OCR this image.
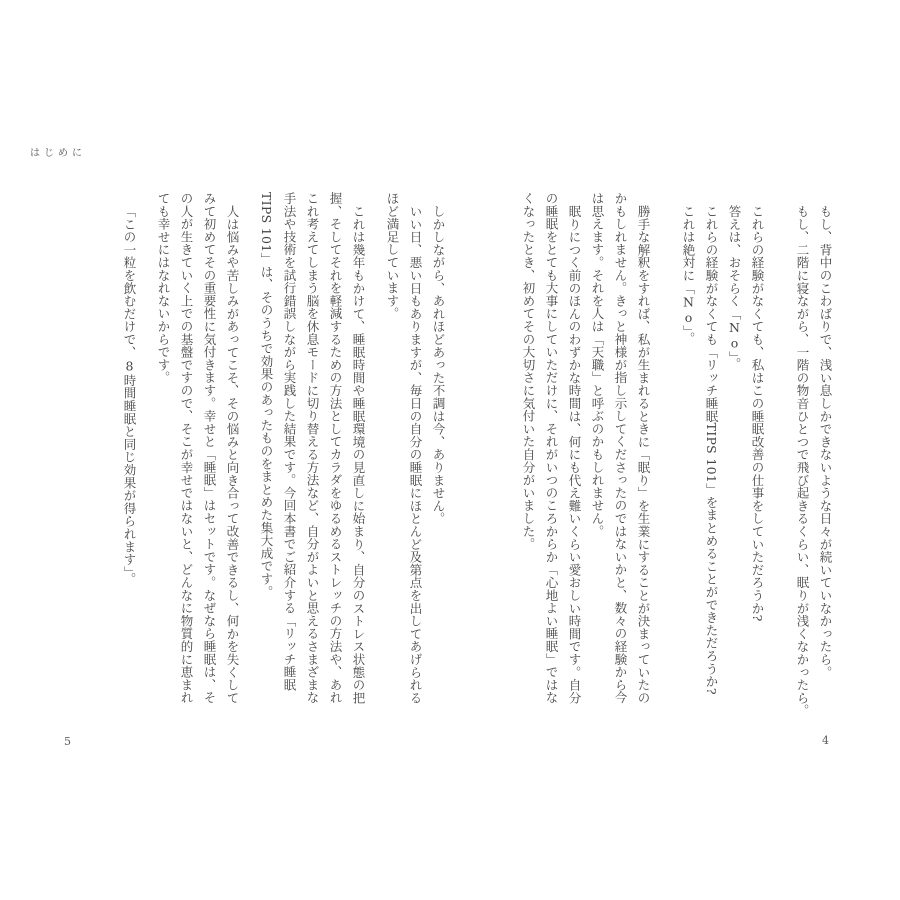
はじめに
もし、背中のこわばりで、浅い息しかできないような日々が続いていなかったら。
もし、二階に寝ながら、一階の物音ひとつで飛び起きるくらい、眠りが浅くなかったら。
これらの経験がなくても、私はこの睡眠改善の仕事をしていただろうか?
答えは、おそらく「No」。
これらの経験がなくても「リッチ睡眠TIPS 101」をまとめることができただろうか?
これは絶対に「No」。
勝手な解釈をすれば、私が生まれるときに「眠り」を生業にすることが決まっていたの
かもしれません。きっと神様が指し示してくださったのではないかと、数々の経験から今
は思えます。それを人は「天職」と呼ぶのかもしれません。
眠りにつく前のほんのわずかな時間は、何にも代え難いくらい愛おしい時間です。自分
の睡眠をとても大事にしていただけに、それがいつのころからか「心地よい睡眠」ではな
くなったとき、初めてその大切さに気付いた自分がいました。
しかしながら、あれほどあった不調は今、ありません。
いい日、悪い日もありますが、毎日の自分の睡眠にほとんど及第点を出してあげられる
ほど満足しています。
これは幾年もかけて、睡眠時間や睡眠環境の見直しに始まり、自分のストレス状態の把
握、そしてそれを軽減するための方法としてカラダをゆるめるストレッチの方法や、あれ
これ考えてしまう脳を休息モードに切り替える方法など、自分がよいと思えるさまざまな
手法や技術を試行錯誤しながら実践した結果です。今回本書でご紹介する「リッチ睡眠
TIPS 101」は、そのうちで効果のあったものをまとめた集大成です。
人は悩みや苦しみがあってこそ、その悩みと向き合って改善できるし、何かを失くして
みて初めてその重要性に気付きます。幸せと「睡眠」はセットです。なぜなら睡眠は、そ
の人が生きていく上での基盤ですので、そこが幸せではないと、どんなに物質的に恵まれ
ても幸せにはなれないからです。
「この一粒を飲むだけで、8時間睡眠と同じ効果が得られます」。
4
5
